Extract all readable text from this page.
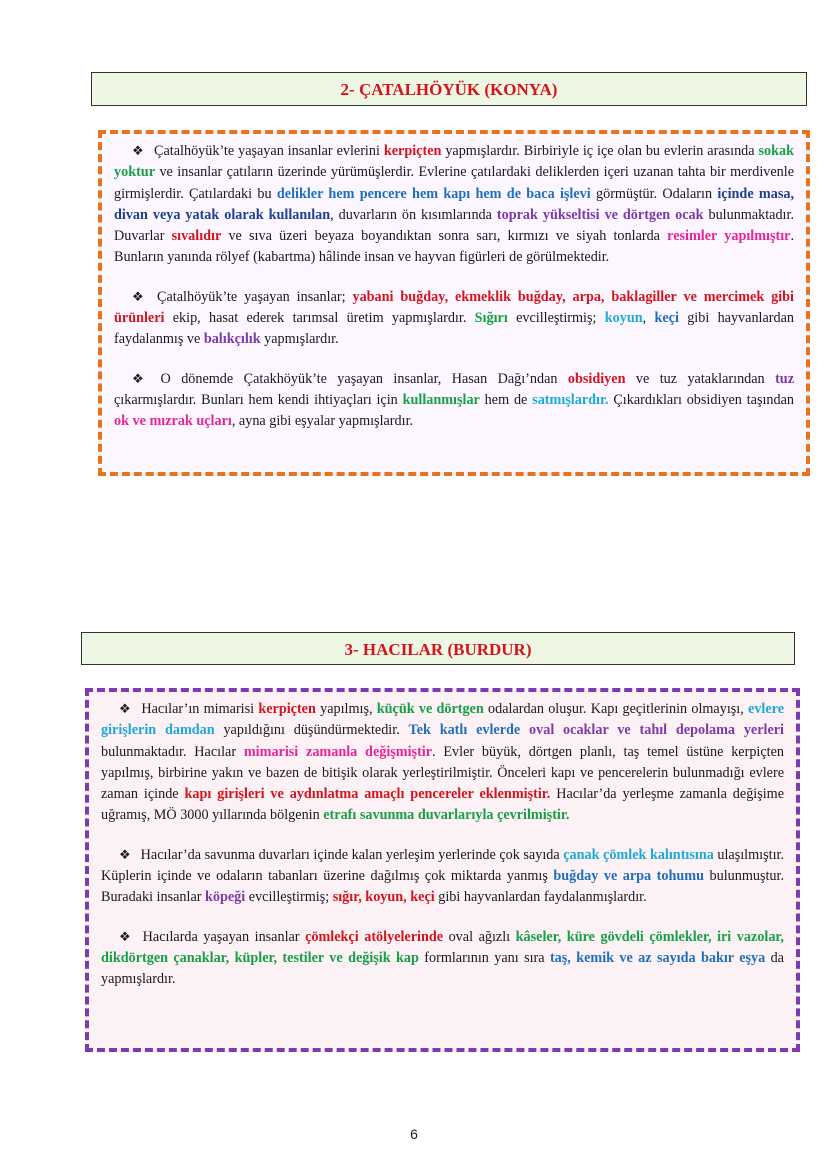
2- ÇATALHÖYÜK (KONYA)

❖ Çatalhöyük’te yaşayan insanlar evlerini kerpiçten yapmışlardır. Birbiriyle iç içe olan bu evlerin arasında sokak yoktur ve insanlar çatıların üzerinde yürümüşlerdir. Evlerine çatılardaki deliklerden içeri uzanan tahta bir merdivenle girmişlerdir. Çatılardaki bu delikler hem pencere hem kapı hem de baca işlevi görmüştür. Odaların içinde masa, divan veya yatak olarak kullanılan, duvarların ön kısımlarında toprak yükseltisi ve dörtgen ocak bulunmaktadır. Duvarlar sıvalıdır ve sıva üzeri beyaza boyandıktan sonra sarı, kırmızı ve siyah tonlarda resimler yapılmıştır. Bunların yanında rölyef (kabartma) hâlinde insan ve hayvan figürleri de görülmektedir.

❖ Çatalhöyük’te yaşayan insanlar; yabani buğday, ekmeklik buğday, arpa, baklagiller ve mercimek gibi ürünleri ekip, hasat ederek tarımsal üretim yapmışlardır. Sığırı evcilleştirmiş; koyun, keçi gibi hayvanlardan faydalanmış ve balıkçılık yapmışlardır.

❖ O dönemde Çatakhöyük’te yaşayan insanlar, Hasan Dağı’ndan obsidiyen ve tuz yataklarından tuz çıkarmışlardır. Bunları hem kendi ihtiyaçları için kullanmışlar hem de satmışlardır. Çıkardıkları obsidiyen taşından ok ve mızrak uçları, ayna gibi eşyalar yapmışlardır.

3- HACILAR (BURDUR)

❖ Hacılar’ın mimarisi kerpiçten yapılmış, küçük ve dörtgen odalardan oluşur. Kapı geçitlerinin olmayışı, evlere girişlerin damdan yapıldığını düşündürmektedir. Tek katlı evlerde oval ocaklar ve tahıl depolama yerleri bulunmaktadır. Hacılar mimarisi zamanla değişmiştir. Evler büyük, dörtgen planlı, taş temel üstüne kerpiçten yapılmış, birbirine yakın ve bazen de bitişik olarak yerleştirilmiştir. Önceleri kapı ve pencerelerin bulunmadığı evlere zaman içinde kapı girişleri ve aydınlatma amaçlı pencereler eklenmiştir. Hacılar’da yerleşme zamanla değişime uğramış, MÖ 3000 yıllarında bölgenin etrafı savunma duvarlarıyla çevrilmiştir.

❖ Hacılar’da savunma duvarları içinde kalan yerleşim yerlerinde çok sayıda çanak çömlek kalıntısına ulaşılmıştır. Küplerin içinde ve odaların tabanları üzerine dağılmış çok miktarda yanmış buğday ve arpa tohumu bulunmuştur. Buradaki insanlar köpeği evcilleştirmiş; sığır, koyun, keçi gibi hayvanlardan faydalanmışlardır.

❖ Hacılarda yaşayan insanlar çömlekçi atölyelerinde oval ağızlı kâseler, küre gövdeli çömlekler, iri vazolar, dikdörtgen çanaklar, küpler, testiler ve değişik kap formlarının yanı sıra taş, kemik ve az sayıda bakır eşya da yapmışlardır.

6
